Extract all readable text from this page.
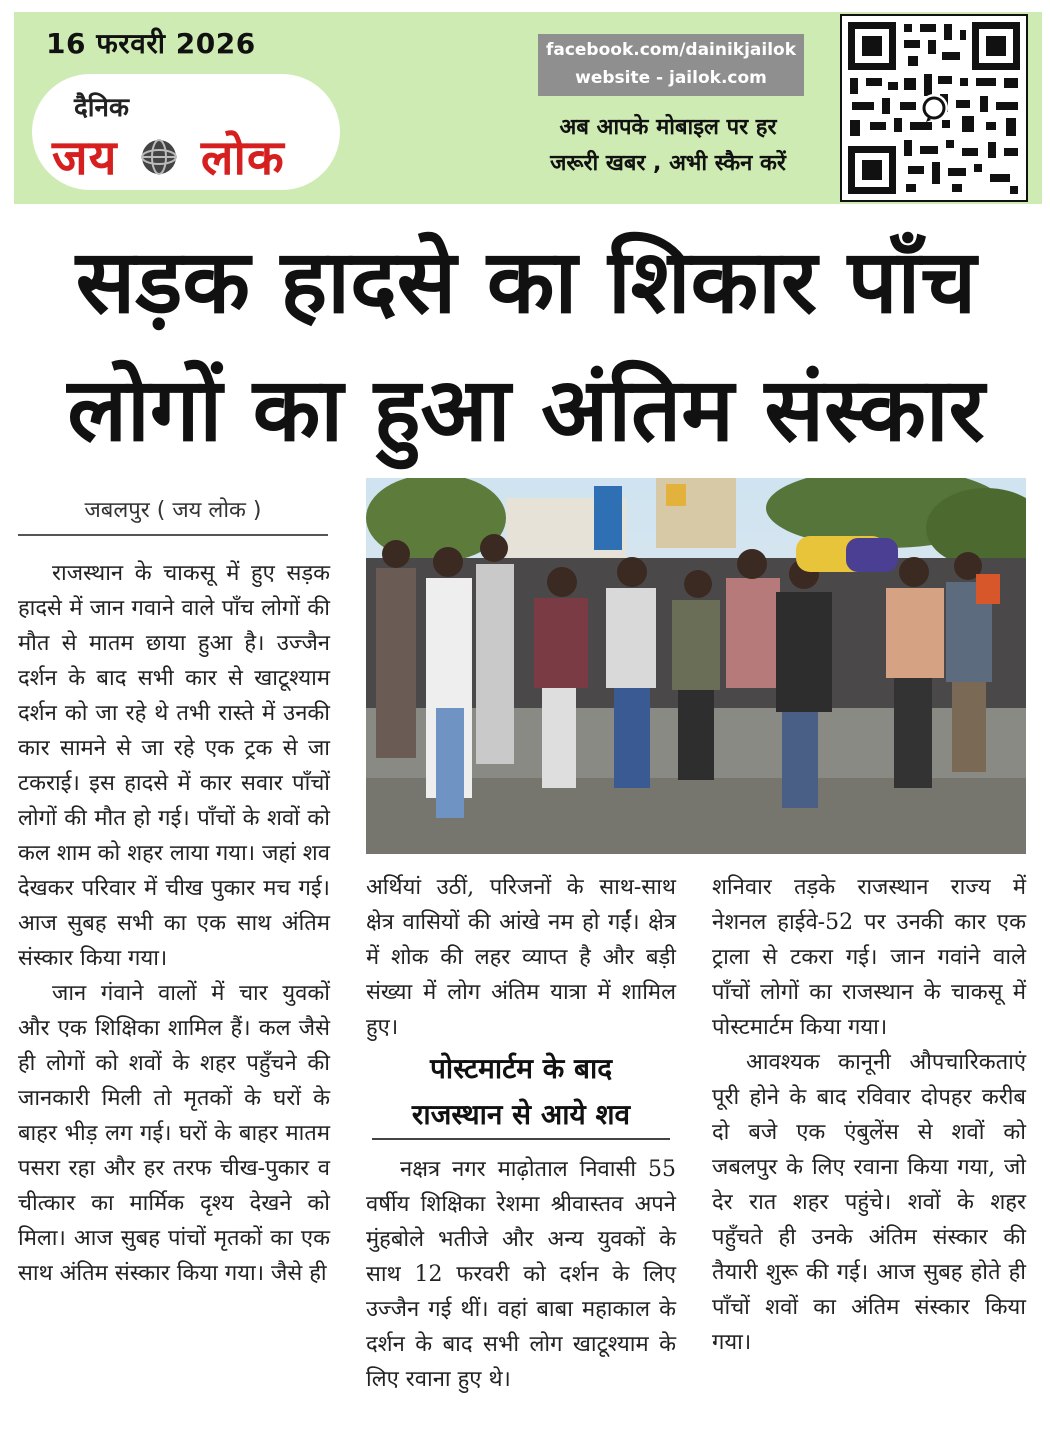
16 फरवरी 2026
दैनिक
जय लोक
facebook.com/dainikjailok
website - jailok.com
अब आपके मोबाइल पर हर
जरूरी खबर , अभी स्कैन करें
सड़क हादसे का शिकार पाँच
लोगों का हुआ अंतिम संस्कार
जबलपुर ( जय लोक )

राजस्थान के चाकसू में हुए सड़क हादसे में जान गवाने वाले पाँच लोगों की मौत से मातम छाया हुआ है। उज्जैन दर्शन के बाद सभी कार से खाटूश्याम दर्शन को जा रहे थे तभी रास्ते में उनकी कार सामने से जा रहे एक ट्रक से जा टकराई। इस हादसे में कार सवार पाँचों लोगों की मौत हो गई। पाँचों के शवों को कल शाम को शहर लाया गया। जहां शव देखकर परिवार में चीख पुकार मच गई। आज सुबह सभी का एक साथ अंतिम संस्कार किया गया।

जान गंवाने वालों में चार युवकों और एक शिक्षिका शामिल हैं। कल जैसे ही लोगों को शवों के शहर पहुँचने की जानकारी मिली तो मृतकों के घरों के बाहर भीड़ लग गई। घरों के बाहर मातम पसरा रहा और हर तरफ चीख-पुकार व चीत्कार का मार्मिक दृश्य देखने को मिला। आज सुबह पांचों मृतकों का एक साथ अंतिम संस्कार किया गया। जैसे ही

अर्थियां उठीं, परिजनों के साथ-साथ क्षेत्र वासियों की आंखे नम हो गईं। क्षेत्र में शोक की लहर व्याप्त है और बड़ी संख्या में लोग अंतिम यात्रा में शामिल हुए।

पोस्टमार्टम के बाद
राजस्थान से आये शव

नक्षत्र नगर माढ़ोताल निवासी 55 वर्षीय शिक्षिका रेशमा श्रीवास्तव अपने मुंहबोले भतीजे और अन्य युवकों के साथ 12 फरवरी को दर्शन के लिए उज्जैन गई थीं। वहां बाबा महाकाल के दर्शन के बाद सभी लोग खाटूश्याम के लिए रवाना हुए थे।

शनिवार तड़के राजस्थान राज्य में नेशनल हाईवे-52 पर उनकी कार एक ट्राला से टकरा गई। जान गवांने वाले पाँचों लोगों का राजस्थान के चाकसू में पोस्टमार्टम किया गया।

आवश्यक कानूनी औपचारिकताएं पूरी होने के बाद रविवार दोपहर करीब दो बजे एक एंबुलेंस से शवों को जबलपुर के लिए रवाना किया गया, जो देर रात शहर पहुंचे। शवों के शहर पहुँचते ही उनके अंतिम संस्कार की तैयारी शुरू की गई। आज सुबह होते ही पाँचों शवों का अंतिम संस्कार किया गया।
